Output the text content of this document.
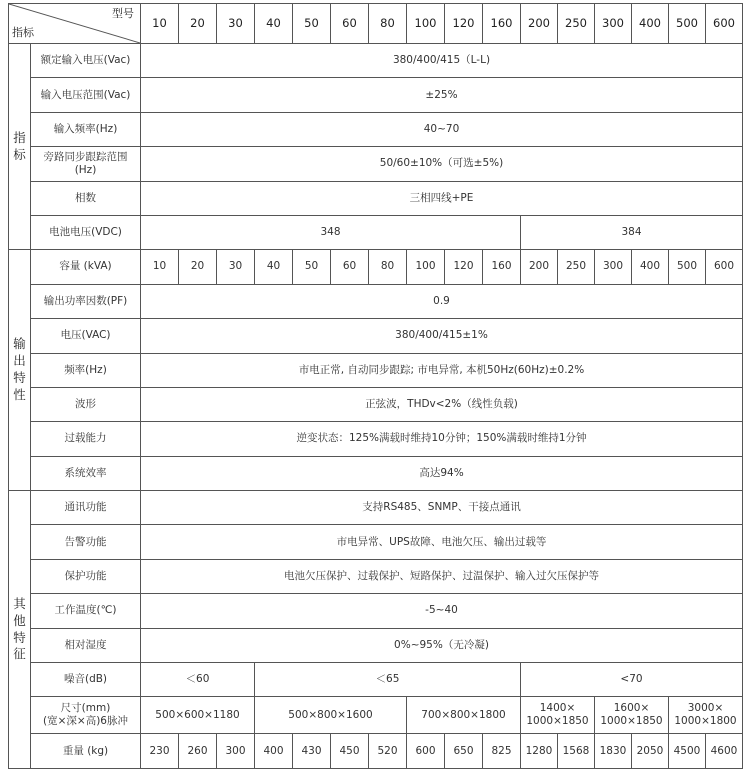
型号
指标		10	20	30	40	50	60	80	100	120	160	200	250	300	400	500	600
指
标	额定输入电压(Vac)	380/400/415（L-L)															
	输入电压范围(Vac)	±25%															
	输入频率(Hz)	40~70															
	旁路同步跟踪范围
(Hz)	50/60±10%（可选±5%)															
	相数	三相四线+PE															
	电池电压(VDC)	348										384					
输
出
特
性	容量 (kVA)	10	20	30	40	50	60	80	100	120	160	200	250	300	400	500	600
	输出功率因数(PF)	0.9															
	电压(VAC)	380/400/415±1%															
	频率(Hz)	市电正常, 自动同步跟踪; 市电异常, 本机50Hz(60Hz)±0.2%															
	波形	正弦波，THDv<2%（线性负载)															
	过载能力	逆变状态：125%满载时维持10分钟；150%满载时维持1分钟															
	系统效率	高达94%															
其
他
特
征	通讯功能	支持RS485、SNMP、干接点通讯															
	告警功能	市电异常、UPS故障、电池欠压、输出过载等															
	保护功能	电池欠压保护、过载保护、短路保护、过温保护、输入过欠压保护等															
	工作温度(℃)	-5~40															
	相对湿度	0%~95%（无冷凝)															
	噪音(dB)	＜60			＜65							<70					
	尺寸(mm)
(宽×深×高)6脉冲	500×600×1180			500×800×1600				700×800×1800			1400×
1000×1850		1600×
1000×1850		3000×
1000×1800	
	重量 (kg)	230	260	300	400	430	450	520	600	650	825	1280	1568	1830	2050	4500	4600
